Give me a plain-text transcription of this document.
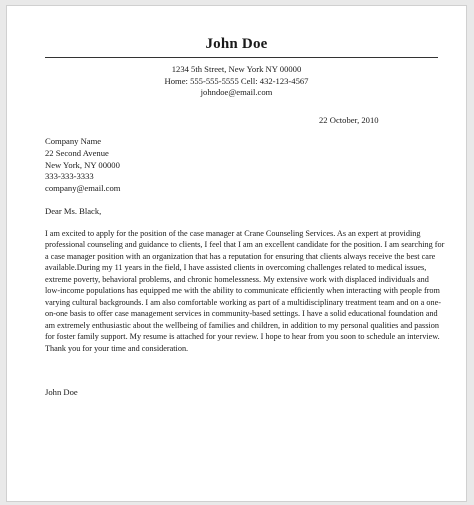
John Doe
1234 5th Street, New York NY 00000
Home: 555-555-5555 Cell: 432-123-4567
johndoe@email.com
22 October, 2010
Company Name
22 Second Avenue
New York, NY 00000
333-333-3333
company@email.com
Dear Ms. Black,
I am excited to apply for the position of the case manager at Crane Counseling Services. As an expert at providing professional counseling and guidance to clients, I feel that I am an excellent candidate for the position. I am searching for a case manager position with an organization that has a reputation for ensuring that clients always receive the best care available.During my 11 years in the field, I have assisted clients in overcoming challenges related to medical issues, extreme poverty, behavioral problems, and chronic homelessness. My extensive work with displaced individuals and low-income populations has equipped me with the ability to communicate efficiently when interacting with people from varying cultural backgrounds. I am also comfortable working as part of a multidisciplinary treatment team and on a one-on-one basis to offer case management services in community-based settings. I have a solid educational foundation and am extremely enthusiastic about the wellbeing of families and children, in addition to my personal qualities and passion for foster family support. My resume is attached for your review. I hope to hear from you soon to schedule an interview. Thank you for your time and consideration.
John Doe
